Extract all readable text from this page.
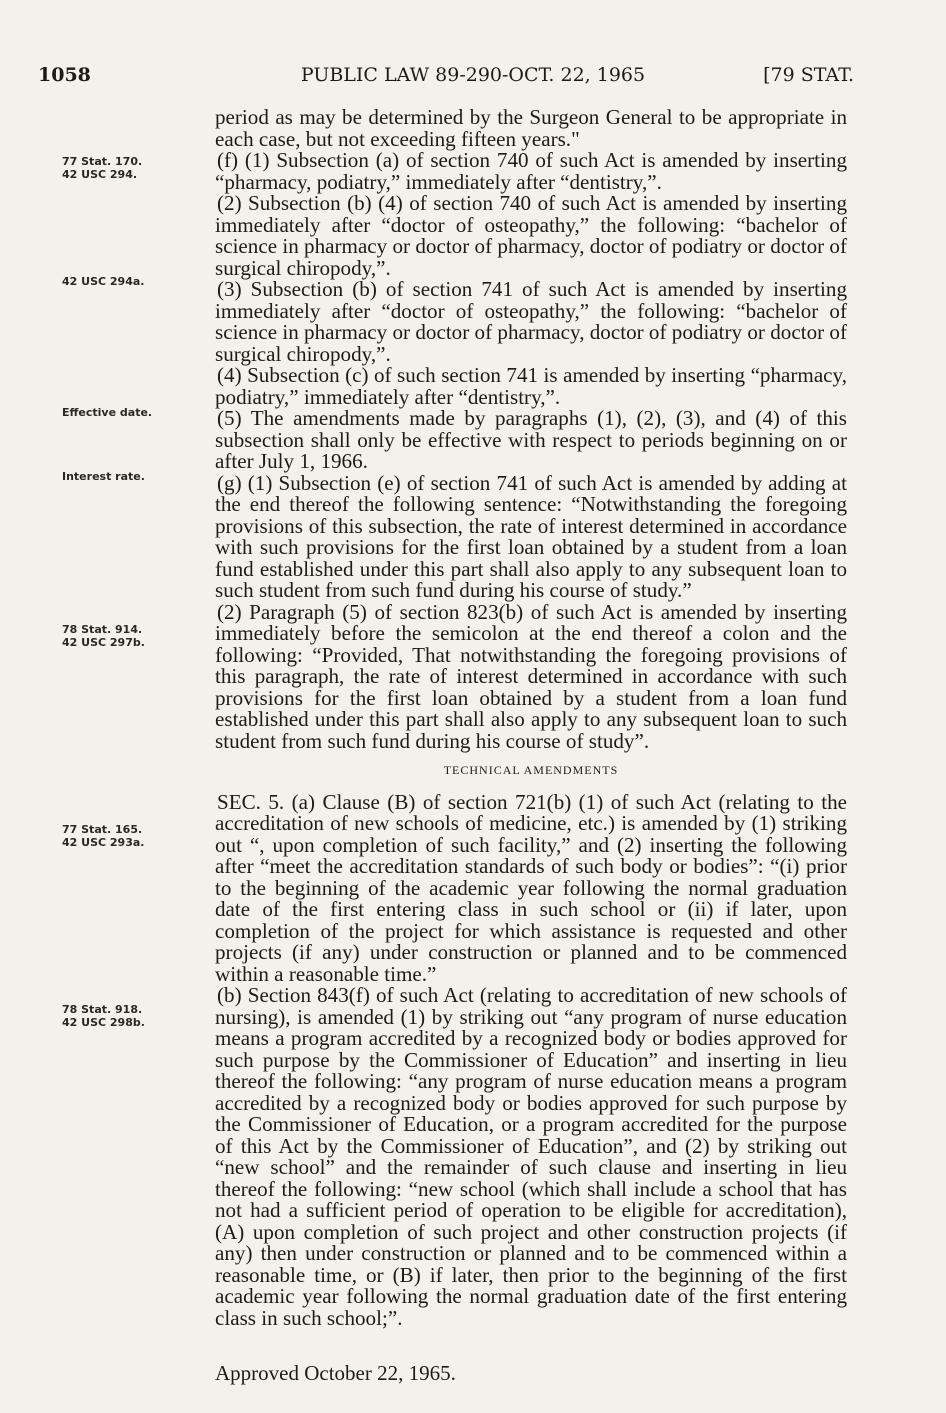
1058	PUBLIC LAW 89-290-OCT. 22, 1965	[79 STAT.
77 Stat. 170.
42 USC 294.
42 USC 294a.
Effective date.
Interest rate.
78 Stat. 914.
42 USC 297b.
77 Stat. 165.
42 USC 293a.
78 Stat. 918.
42 USC 298b.

period as may be determined by the Surgeon General to be appropriate in each case, but not exceeding fifteen years."

(f) (1) Subsection (a) of section 740 of such Act is amended by inserting “pharmacy, podiatry,” immediately after “dentistry,”.

(2) Subsection (b) (4) of section 740 of such Act is amended by inserting immediately after “doctor of osteopathy,” the following: “bachelor of science in pharmacy or doctor of pharmacy, doctor of podiatry or doctor of surgical chiropody,”.

(3) Subsection (b) of section 741 of such Act is amended by inserting immediately after “doctor of osteopathy,” the following: “bachelor of science in pharmacy or doctor of pharmacy, doctor of podiatry or doctor of surgical chiropody,”.

(4) Subsection (c) of such section 741 is amended by inserting “pharmacy, podiatry,” immediately after “dentistry,”.

(5) The amendments made by paragraphs (1), (2), (3), and (4) of this subsection shall only be effective with respect to periods beginning on or after July 1, 1966.

(g) (1) Subsection (e) of section 741 of such Act is amended by adding at the end thereof the following sentence: “Notwithstanding the foregoing provisions of this subsection, the rate of interest determined in accordance with such provisions for the first loan obtained by a student from a loan fund established under this part shall also apply to any subsequent loan to such student from such fund during his course of study.”

(2) Paragraph (5) of section 823(b) of such Act is amended by inserting immediately before the semicolon at the end thereof a colon and the following: “Provided, That notwithstanding the foregoing provisions of this paragraph, the rate of interest determined in accordance with such provisions for the first loan obtained by a student from a loan fund established under this part shall also apply to any subsequent loan to such student from such fund during his course of study”.

TECHNICAL AMENDMENTS

SEC. 5. (a) Clause (B) of section 721(b) (1) of such Act (relating to the accreditation of new schools of medicine, etc.) is amended by (1) striking out “, upon completion of such facility,” and (2) inserting the following after “meet the accreditation standards of such body or bodies”: “(i) prior to the beginning of the academic year following the normal graduation date of the first entering class in such school or (ii) if later, upon completion of the project for which assistance is requested and other projects (if any) under construction or planned and to be commenced within a reasonable time.”

(b) Section 843(f) of such Act (relating to accreditation of new schools of nursing), is amended (1) by striking out “any program of nurse education means a program accredited by a recognized body or bodies approved for such purpose by the Commissioner of Education” and inserting in lieu thereof the following: “any program of nurse education means a program accredited by a recognized body or bodies approved for such purpose by the Commissioner of Education, or a program accredited for the purpose of this Act by the Commissioner of Education”, and (2) by striking out “new school” and the remainder of such clause and inserting in lieu thereof the following: “new school (which shall include a school that has not had a sufficient period of operation to be eligible for accreditation), (A) upon completion of such project and other construction projects (if any) then under construction or planned and to be commenced within a reasonable time, or (B) if later, then prior to the beginning of the first academic year following the normal graduation date of the first entering class in such school;”.

Approved October 22, 1965.
